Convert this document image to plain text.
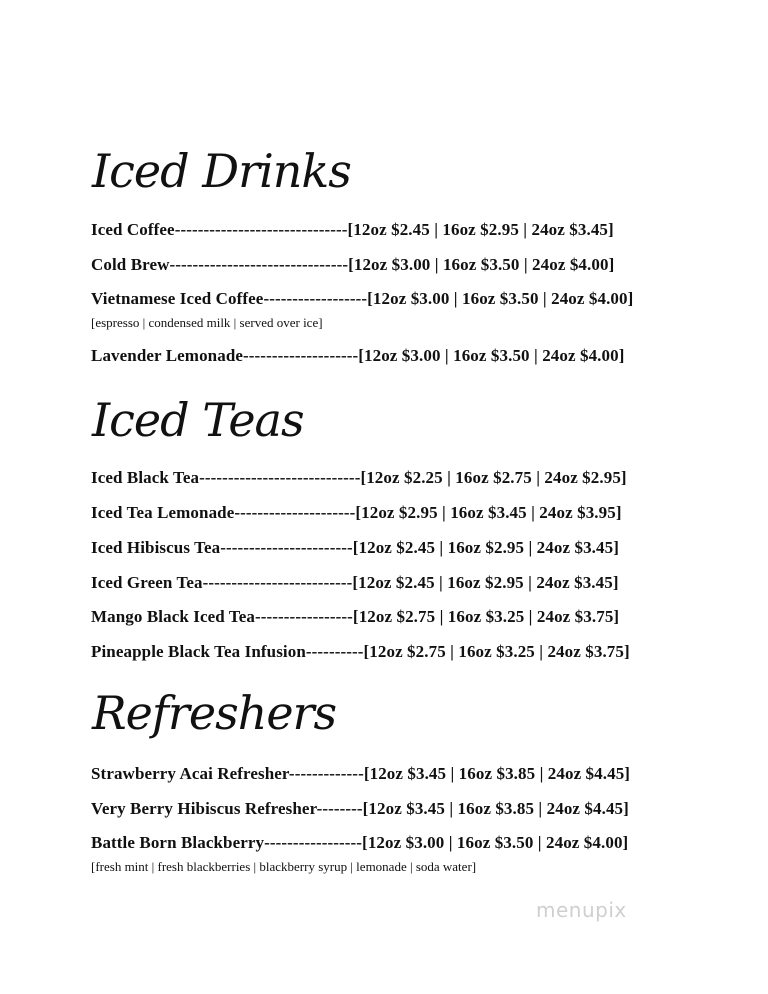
Iced Drinks
Iced Coffee------------------------------[12oz $2.45 | 16oz $2.95 | 24oz $3.45]
Cold Brew-------------------------------[12oz $3.00 | 16oz $3.50 | 24oz $4.00]
Vietnamese Iced Coffee------------------[12oz $3.00 | 16oz $3.50 | 24oz $4.00]
[espresso | condensed milk | served over ice]
Lavender Lemonade--------------------[12oz $3.00 | 16oz $3.50 | 24oz $4.00]
Iced Teas
Iced Black Tea----------------------------[12oz $2.25 | 16oz $2.75 | 24oz $2.95]
Iced Tea Lemonade---------------------[12oz $2.95 | 16oz $3.45 | 24oz $3.95]
Iced Hibiscus Tea-----------------------[12oz $2.45 | 16oz $2.95 | 24oz $3.45]
Iced Green Tea--------------------------[12oz $2.45 | 16oz $2.95 | 24oz $3.45]
Mango Black Iced Tea-----------------[12oz $2.75 | 16oz $3.25 | 24oz $3.75]
Pineapple Black Tea Infusion----------[12oz $2.75 | 16oz $3.25 | 24oz $3.75]
Refreshers
Strawberry Acai Refresher-------------[12oz $3.45 | 16oz $3.85 | 24oz $4.45]
Very Berry Hibiscus Refresher--------[12oz $3.45 | 16oz $3.85 | 24oz $4.45]
Battle Born Blackberry-----------------[12oz $3.00 | 16oz $3.50 | 24oz $4.00]
[fresh mint | fresh blackberries | blackberry syrup | lemonade | soda water]
menupix
